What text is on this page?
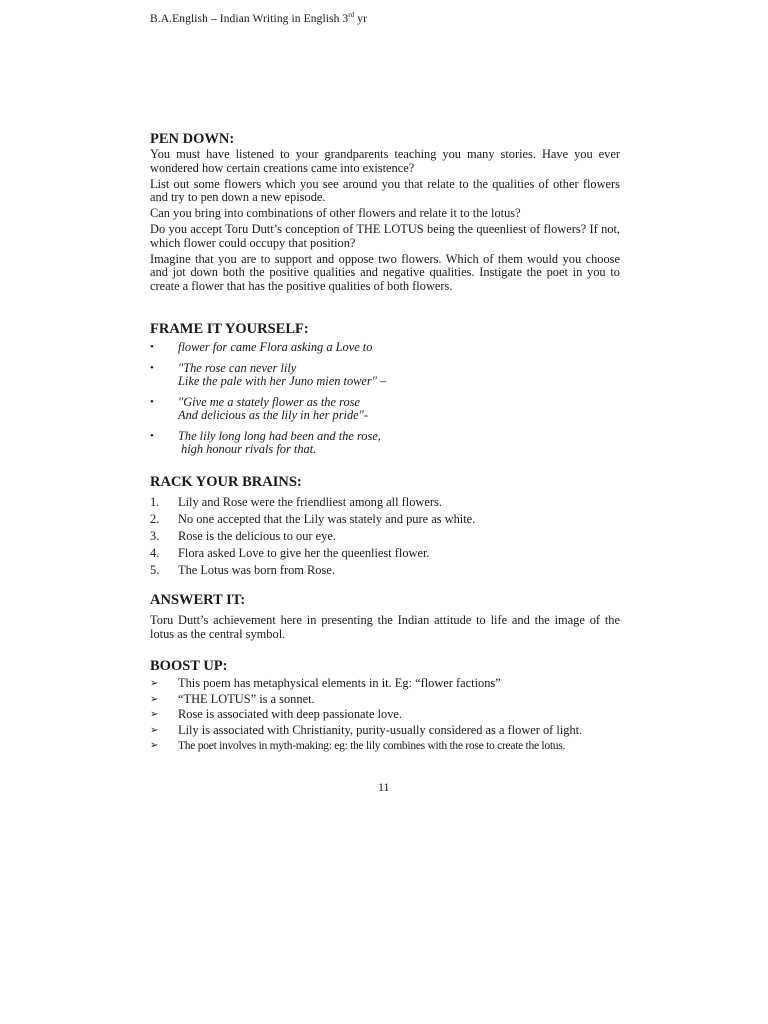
B.A.English – Indian Writing in English 3rd yr
PEN DOWN:

You must have listened to your grandparents teaching you many stories. Have you ever wondered how certain creations came into existence?

List out some flowers which you see around you that relate to the qualities of other flowers and try to pen down a new episode.

Can you bring into combinations of other flowers and relate it to the lotus?

Do you accept Toru Dutt’s conception of THE LOTUS being the queenliest of flowers? If not, which flower could occupy that position?

Imagine that you are to support and oppose two flowers. Which of them would you choose and jot down both the positive qualities and negative qualities. Instigate the poet in you to create a flower that has the positive qualities of both flowers.

FRAME IT YOURSELF:
• flower for came Flora asking a Love to
• "The rose can never lily
Like the pale with her Juno mien tower" –
• "Give me a stately flower as the rose
And delicious as the lily in her pride"-
• The lily long long had been and the rose,
high honour rivals for that.
RACK YOUR BRAINS:
1. Lily and Rose were the friendliest among all flowers.
2. No one accepted that the Lily was stately and pure as white.
3. Rose is the delicious to our eye.
4. Flora asked Love to give her the queenliest flower.
5. The Lotus was born from Rose.
ANSWERT IT:

Toru Dutt’s achievement here in presenting the Indian attitude to life and the image of the lotus as the central symbol.

BOOST UP:
➢ This poem has metaphysical elements in it. Eg: “flower factions”
➢ “THE LOTUS” is a sonnet.
➢ Rose is associated with deep passionate love.
➢ Lily is associated with Christianity, purity-usually considered as a flower of light.
➢ The poet involves in myth-making: eg: the lily combines with the rose to create the lotus.
11
